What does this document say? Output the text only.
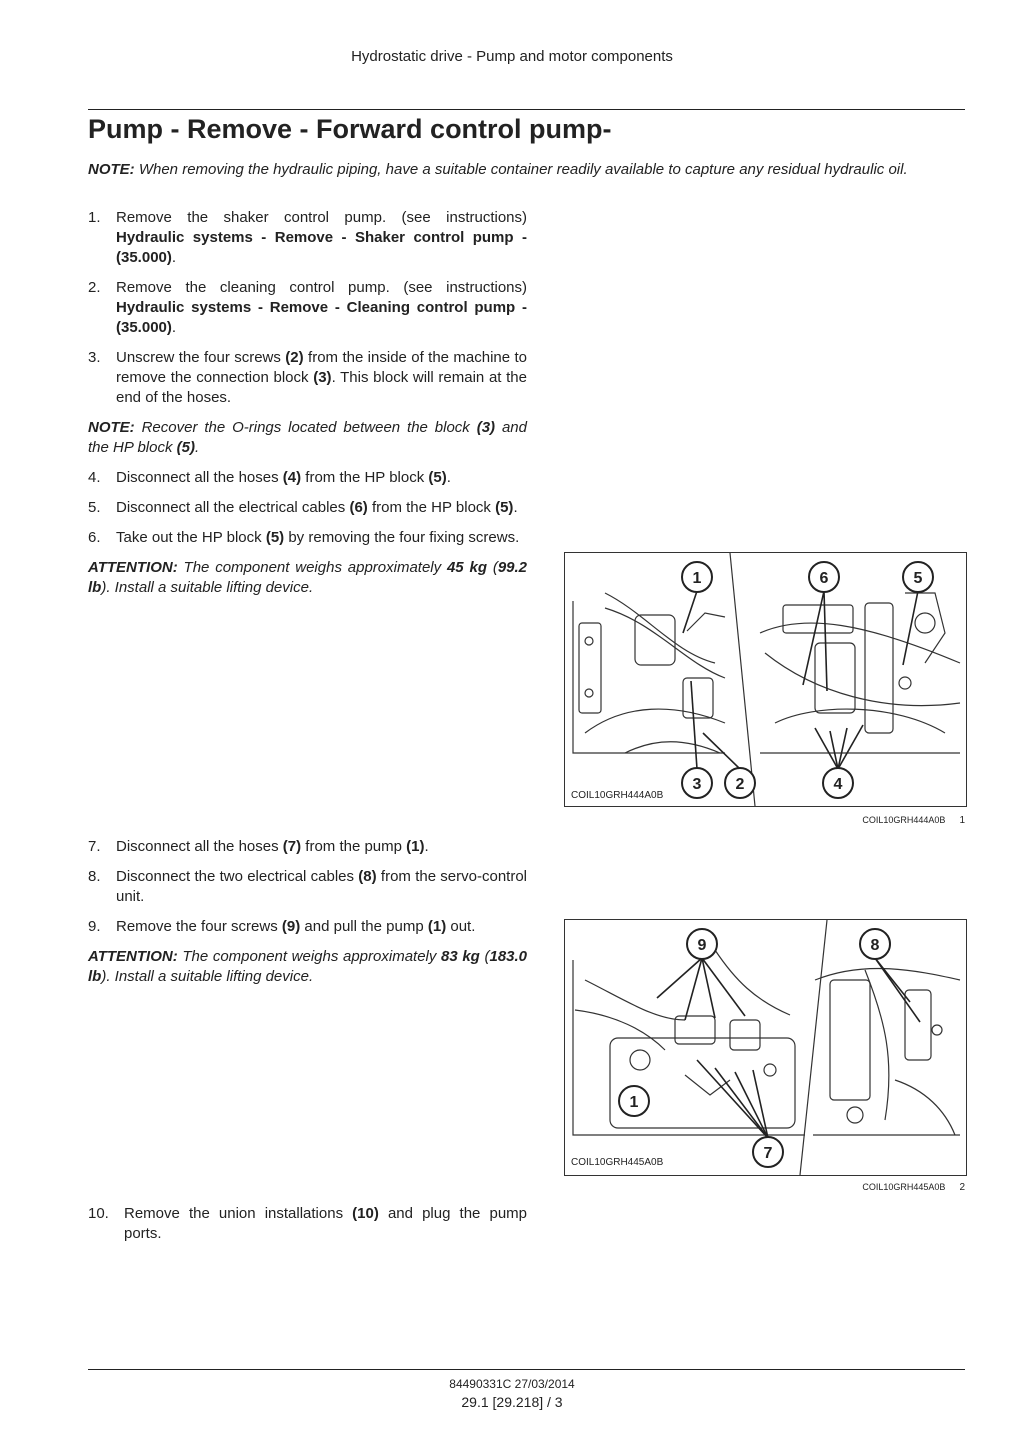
Hydrostatic drive - Pump and motor components
Pump - Remove - Forward control pump-
NOTE: When removing the hydraulic piping, have a suitable container readily available to capture any residual hydraulic oil.
1. Remove the shaker control pump. (see instructions) Hydraulic systems - Remove - Shaker control pump - (35.000).
2. Remove the cleaning control pump. (see instructions) Hydraulic systems - Remove - Cleaning control pump - (35.000).
3. Unscrew the four screws (2) from the inside of the machine to remove the connection block (3). This block will remain at the end of the hoses.
NOTE: Recover the O-rings located between the block (3) and the HP block (5).
4. Disconnect all the hoses (4) from the HP block (5).
5. Disconnect all the electrical cables (6) from the HP block (5).
6. Take out the HP block (5) by removing the four fixing screws.
ATTENTION: The component weighs approximately 45 kg (99.2 lb). Install a suitable lifting device.
1	6	5
3 2	4
COIL10GRH444A0B
COIL10GRH444A0B 1
7. Disconnect all the hoses (7) from the pump (1).
8. Disconnect the two electrical cables (8) from the servo-control unit.
9. Remove the four screws (9) and pull the pump (1) out.
ATTENTION: The component weighs approximately 83 kg (183.0 lb). Install a suitable lifting device.
9	8
1
7
COIL10GRH445A0B
COIL10GRH445A0B 2
10. Remove the union installations (10) and plug the pump ports.
84490331C 27/03/2014
29.1 [29.218] / 3
